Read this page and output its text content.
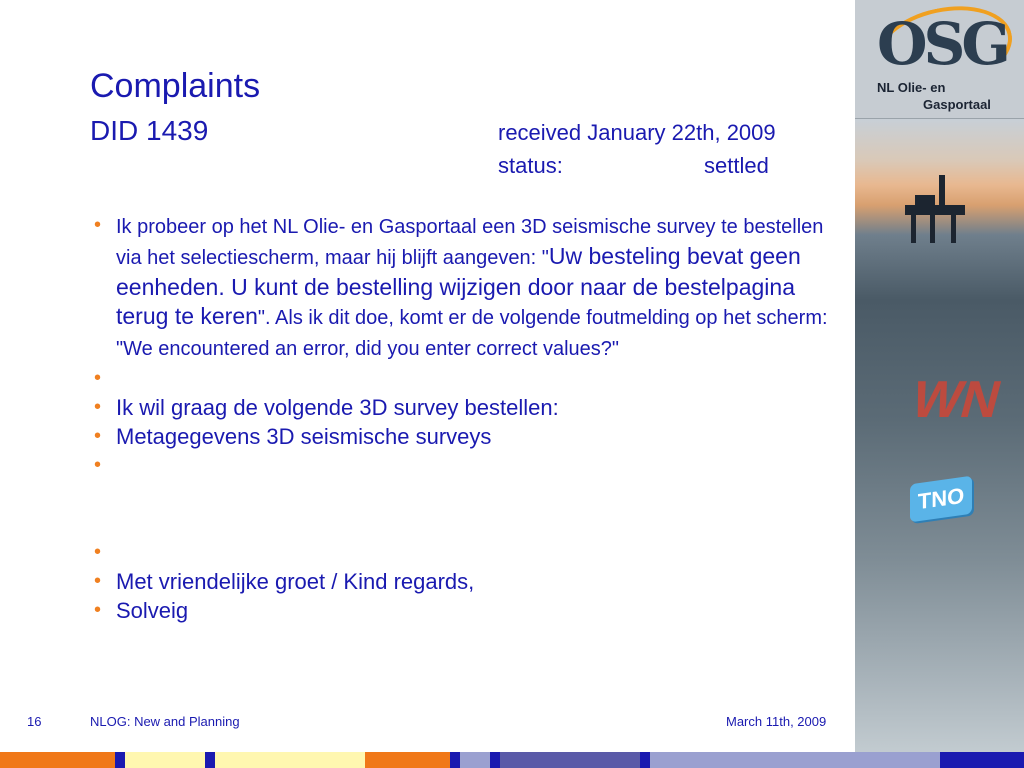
OSG
NL Olie- en
Gasportaal
WN
TNO
Complaints
DID 1439	received January 22th, 2009
status:	settled
• Ik probeer op het NL Olie- en Gasportaal een 3D seismische survey te bestellen via het selectiescherm, maar hij blijft aangeven: "Uw besteling bevat geen eenheden. U kunt de bestelling wijzigen door naar de bestelpagina terug te keren". Als ik dit doe, komt er de volgende foutmelding op het scherm: "We encountered an error, did you enter correct values?"
•

• Ik wil graag de volgende 3D survey bestellen:
• Metagegevens 3D seismische surveys
•

•

• Met vriendelijke groet / Kind regards,
• Solveig
16	NLOG: New and Planning	March 11th, 2009
